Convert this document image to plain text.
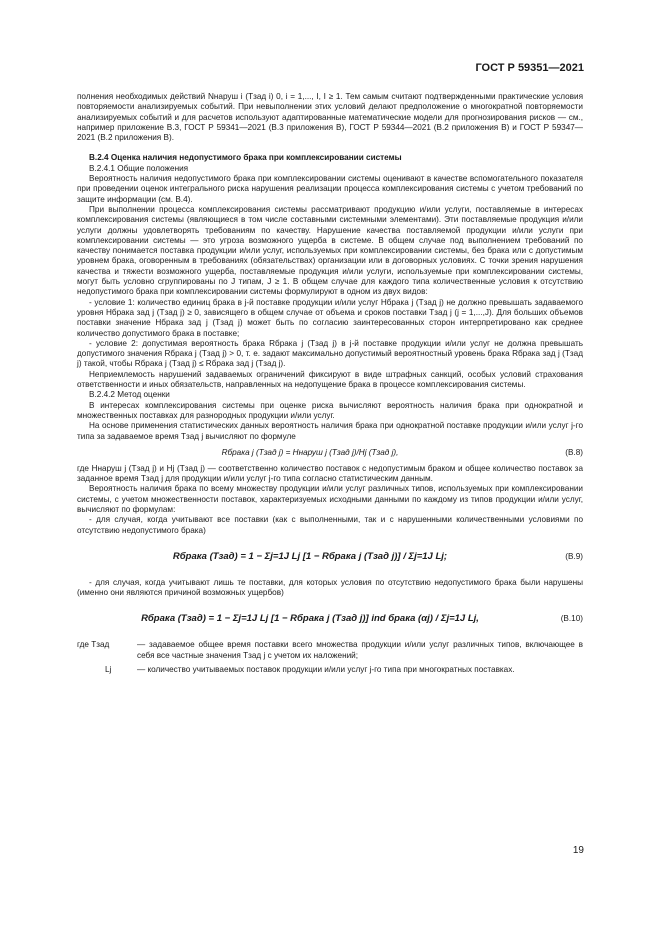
ГОСТ Р 59351—2021

полнения необходимых действий Nнаруш i (Tзад i) 0, i = 1,..., I, I ≥ 1. Тем самым считают подтвержденными практические условия повторяемости анализируемых событий. При невыполнении этих условий делают предположение о многократной повторяемости анализируемых событий и для расчетов используют адаптированные математические модели для прогнозирования рисков — см., например приложение В.3, ГОСТ Р 59341—2021 (В.3 приложения В), ГОСТ Р 59344—2021 (В.2 приложения В) и ГОСТ Р 59347—2021 (В.2 приложения В).

В.2.4 Оценка наличия недопустимого брака при комплексировании системы

В.2.4.1 Общие положения

Вероятность наличия недопустимого брака при комплексировании системы оценивают в качестве вспомогательного показателя при проведении оценок интегрального риска нарушения реализации процесса комплексирования системы с учетом требований по защите информации (см. В.4).

При выполнении процесса комплексирования системы рассматривают продукцию и/или услуги, поставляемые в интересах комплексирования системы (являющиеся в том числе составными системными элементами). Эти поставляемые продукция и/или услуги должны удовлетворять требованиям по качеству. Нарушение качества поставляемой продукции и/или услуги при комплексировании системы — это угроза возможного ущерба в системе. В общем случае под выполнением требований по качеству понимается поставка продукции и/или услуг, используемых при комплексировании системы, без брака или с допустимым уровнем брака, оговоренным в требованиях (обязательствах) организации или в договорных условиях. С точки зрения нарушения качества и тяжести возможного ущерба, поставляемые продукция и/или услуги, используемые при комплексировании системы, могут быть условно сгруппированы по J типам, J ≥ 1. В общем случае для каждого типа количественные условия к отсутствию недопустимого брака при комплексировании системы формулируют в одном из двух видов:

- условие 1: количество единиц брака в j-й поставке продукции и/или услуг Hбрака j (Tзад j) не должно превышать задаваемого уровня Hбрака зад j (Tзад j) ≥ 0, зависящего в общем случае от объема и сроков поставки Tзад j (j = 1,...,J). Для больших объемов поставки значение Hбрака зад j (Tзад j) может быть по согласию заинтересованных сторон интерпретировано как среднее количество допустимого брака в поставке;

- условие 2: допустимая вероятность брака Rбрака j (Tзад j) в j-й поставке продукции и/или услуг не должна превышать допустимого значения Rбрака j (Tзад j) > 0, т. е. задают максимально допустимый вероятностный уровень брака Rбрака зад j (Tзад j) такой, чтобы Rбрака j (Tзад j) ≤ Rбрака зад j (Tзад j).

Неприемлемость нарушений задаваемых ограничений фиксируют в виде штрафных санкций, особых условий страхования ответственности и иных обязательств, направленных на недопущение брака в процессе комплексирования системы.

В.2.4.2 Метод оценки

В интересах комплексирования системы при оценке риска вычисляют вероятность наличия брака при однократной и множественных поставках для разнородных продукции и/или услуг.

На основе применения статистических данных вероятность наличия брака при однократной поставке продукции и/или услуг j-го типа за задаваемое время Tзад j вычисляют по формуле

Rбрака j (Tзад j) = Hнаруш j (Tзад j)/Hj (Tзад j),	(В.8)

где Hнаруш j (Tзад j) и Hj (Tзад j) — соответственно количество поставок с недопустимым браком и общее количество поставок за заданное время Tзад j для продукции и/или услуг j-го типа согласно статистическим данным.

Вероятность наличия брака по всему множеству продукции и/или услуг различных типов, используемых при комплексировании системы, с учетом множественности поставок, характеризуемых исходными данными по каждому из типов продукции и/или услуг, вычисляют по формулам:

- для случая, когда учитывают все поставки (как с выполненными, так и с нарушенными количественными условиями по отсутствию недопустимого брака)

Rбрака (Tзад) = 1 − Σj=1J Lj [1 − Rбрака j (Tзад j)] / Σj=1J Lj;	(В.9)

- для случая, когда учитывают лишь те поставки, для которых условия по отсутствию недопустимого брака были нарушены (именно они являются причиной возможных ущербов)

Rбрака (Tзад) = 1 − Σj=1J Lj [1 − Rбрака j (Tзад j)] ind брака (αj) / Σj=1J Lj,	(В.10)
где Tзад	— задаваемое общее время поставки всего множества продукции и/или услуг различных типов, включающее в себя все частные значения Tзад j с учетом их наложений;

Lj	— количество учитываемых поставок продукции и/или услуг j-го типа при многократных поставках.

19
